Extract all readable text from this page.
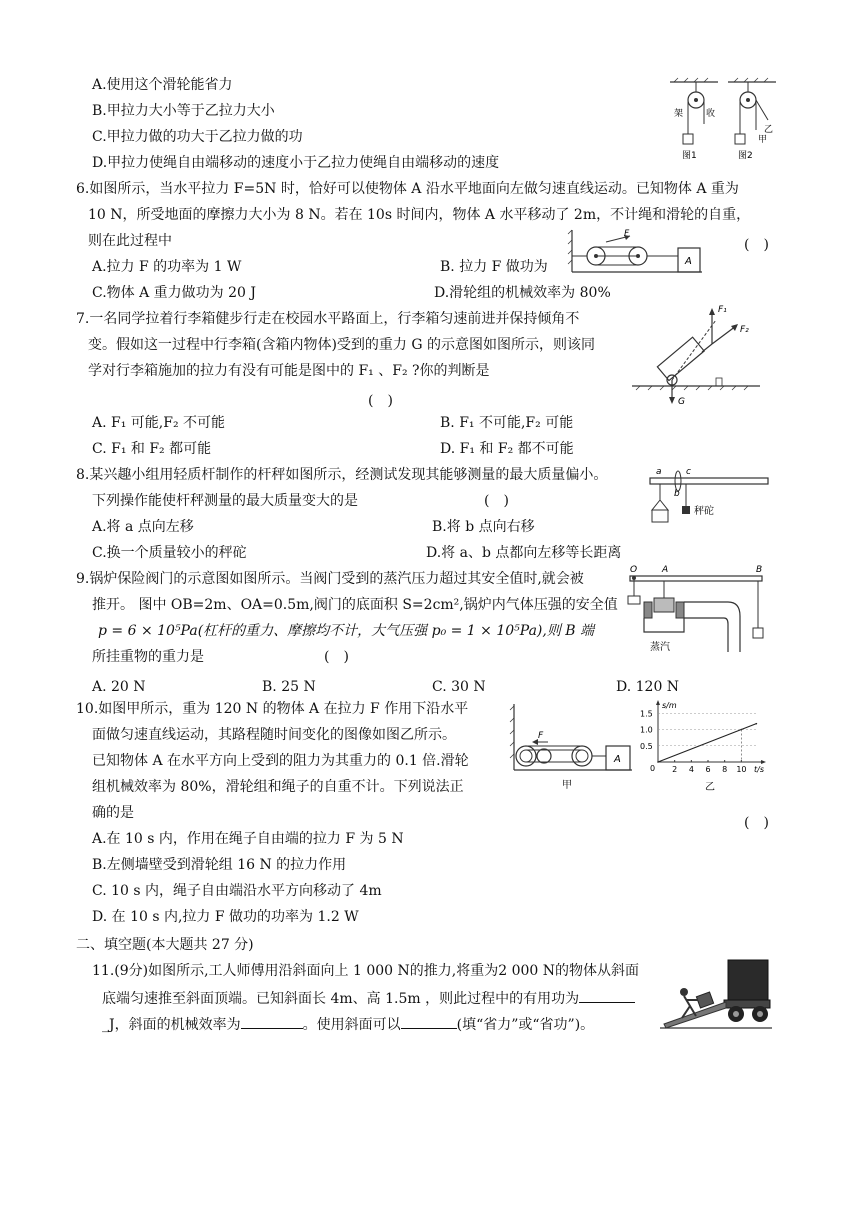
A.使用这个滑轮能省力
B.甲拉力大小等于乙拉力大小
C.甲拉力做的功大于乙拉力做的功
D.甲拉力使绳自由端移动的速度小于乙拉力使绳自由端移动的速度
架	收
乙
甲
图1	图2
6.如图所示，当水平拉力 F=5N 时，恰好可以使物体 A 沿水平地面向左做匀速直线运动。已知物体 A 重为
10 N，所受地面的摩擦力大小为 8 N。若在 10s 时间内，物体 A 水平移动了 2m，不计绳和滑轮的自重，
则在此过程中	(　)
A.拉力 F 的功率为 1 W	B. 拉力 F 做功为
C.物体 A 重力做功为 20 J	D.滑轮组的机械效率为 80%
F
A
7.一名同学拉着行李箱健步行走在校园水平路面上，行李箱匀速前进并保持倾角不
变。假如这一过程中行李箱(含箱内物体)受到的重力 G 的示意图如图所示，则该同
学对行李箱施加的拉力有没有可能是图中的 F₁ 、F₂ ?你的判断是
(　)
A. F₁ 可能,F₂ 不可能	B. F₁ 不可能,F₂ 可能
C. F₁ 和 F₂ 都可能	D. F₁ 和 F₂ 都不可能
F₁
F₂
G
8.某兴趣小组用轻质杆制作的杆秤如图所示，经测试发现其能够测量的最大质量偏小。
下列操作能使杆秤测量的最大质量变大的是	(　)
A.将 a 点向左移	B.将 b 点向右移
C.换一个质量较小的秤砣	D.将 a、b 点都向左移等长距离
a	c
b
秤砣
9.锅炉保险阀门的示意图如图所示。当阀门受到的蒸汽压力超过其安全值时,就会被
推开。 图中 OB=2m、OA=0.5m,阀门的底面积 S=2cm²,锅炉内气体压强的安全值
p = 6 × 10⁵Pa(杠杆的重力、摩擦均不计，大气压强 p₀ = 1 × 10⁵Pa),则 B 端
所挂重物的重力是	(　)
A. 20 N	B. 25 N	C. 30 N	D. 120 N
O	A	B
蒸汽
10.如图甲所示，重为 120 N 的物体 A 在拉力 F 作用下沿水平
面做匀速直线运动，其路程随时间变化的图像如图乙所示。
已知物体 A 在水平方向上受到的阻力为其重力的 0.1 倍.滑轮
组机械效率为 80%，滑轮组和绳子的自重不计。下列说法正
确的是
(　)
A.在 10 s 内，作用在绳子自由端的拉力 F 为 5 N
B.左侧墙壁受到滑轮组 16 N 的拉力作用
C. 10 s 内，绳子自由端沿水平方向移动了 4m
D. 在 10 s 内,拉力 F 做功的功率为 1.2 W
F
A
甲
t/s
s/m
0 2 4 6 8 10
0.5
1.0
1.5
乙
二、填空题(本大题共 27 分)
11.(9分)如图所示,工人师傅用沿斜面向上 1 000 N的推力,将重为2 000 N的物体从斜面
底端匀速推至斜面顶端。已知斜面长 4m、高 1.5m ，则此过程中的有用功为
_J，斜面的机械效率为	。使用斜面可以	(填“省力”或“省功”)。
